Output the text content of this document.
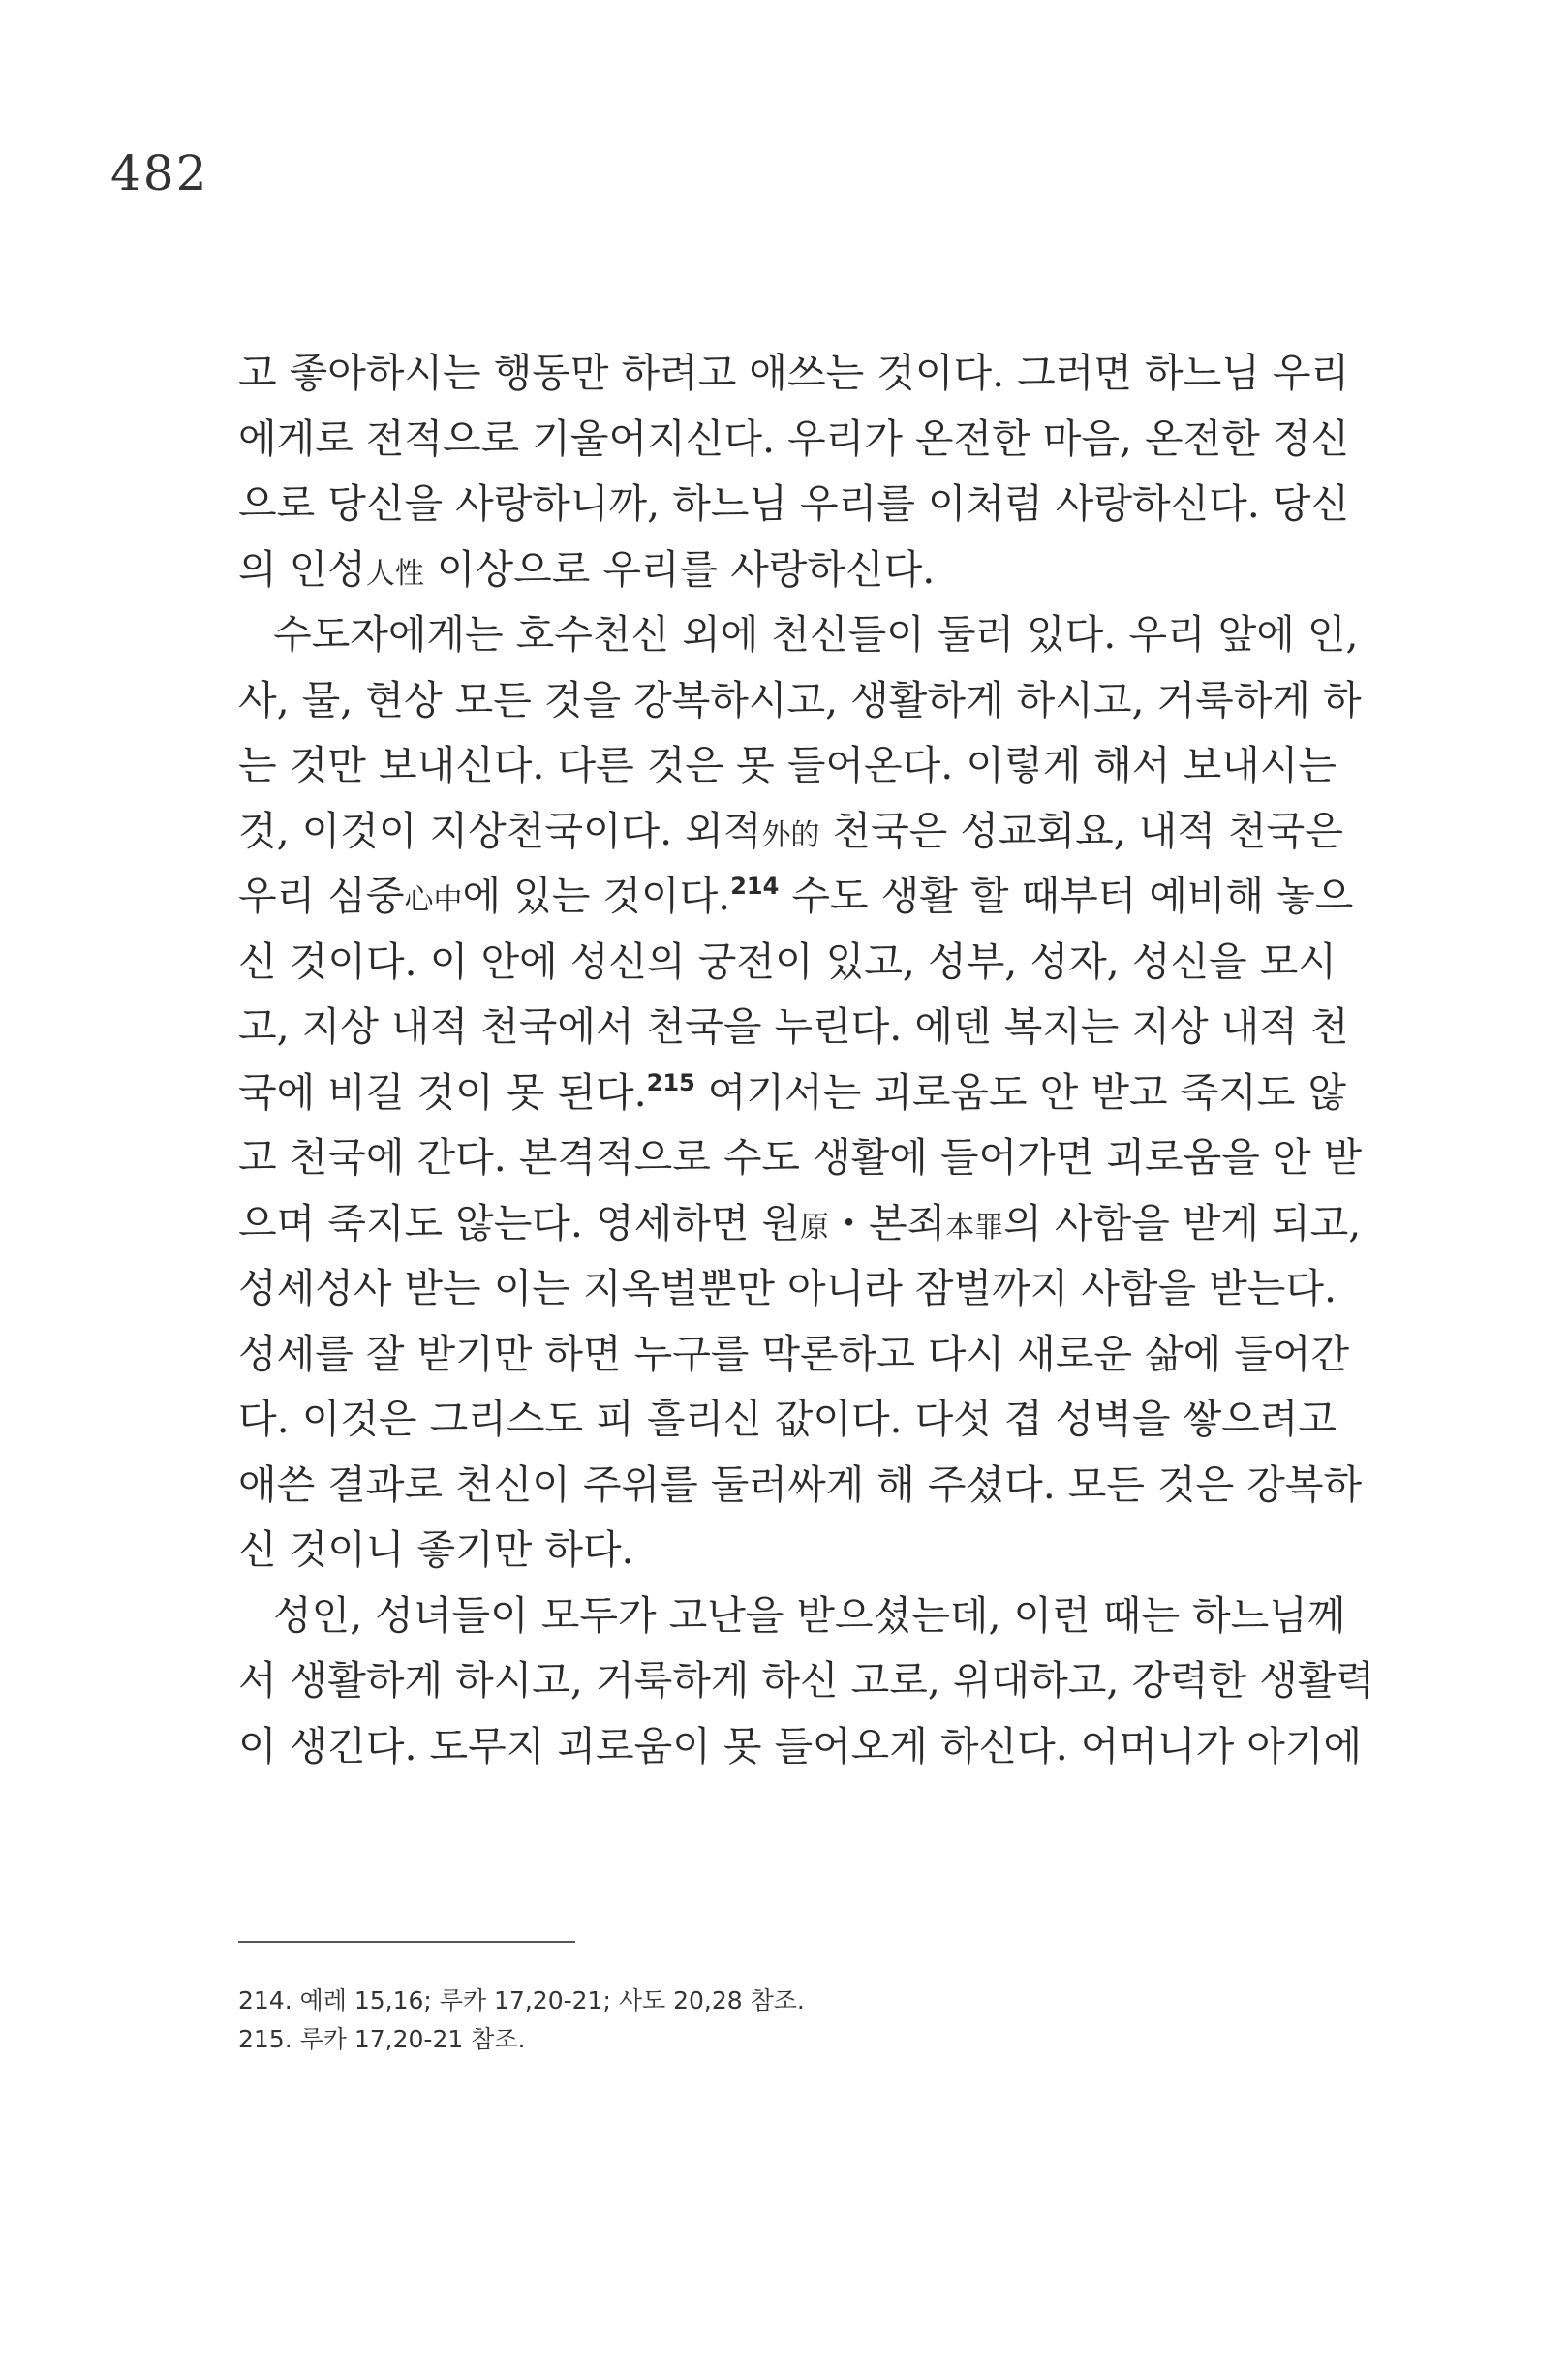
482
고 좋아하시는 행동만 하려고 애쓰는 것이다. 그러면 하느님 우리
에게로 전적으로 기울어지신다. 우리가 온전한 마음, 온전한 정신
으로 당신을 사랑하니까, 하느님 우리를 이처럼 사랑하신다. 당신
의 인성人性 이상으로 우리를 사랑하신다.
수도자에게는 호수천신 외에 천신들이 둘러 있다. 우리 앞에 인,
사, 물, 현상 모든 것을 강복하시고, 생활하게 하시고, 거룩하게 하
는 것만 보내신다. 다른 것은 못 들어온다. 이렇게 해서 보내시는
것, 이것이 지상천국이다. 외적外的 천국은 성교회요, 내적 천국은
우리 심중心中에 있는 것이다.$^{214}$ 수도 생활 할 때부터 예비해 놓으
신 것이다. 이 안에 성신의 궁전이 있고, 성부, 성자, 성신을 모시
고, 지상 내적 천국에서 천국을 누린다. 에덴 복지는 지상 내적 천
국에 비길 것이 못 된다.$^{215}$ 여기서는 괴로움도 안 받고 죽지도 않
고 천국에 간다. 본격적으로 수도 생활에 들어가면 괴로움을 안 받
으며 죽지도 않는다. 영세하면 원原・본죄本罪의 사함을 받게 되고,
성세성사 받는 이는 지옥벌뿐만 아니라 잠벌까지 사함을 받는다.
성세를 잘 받기만 하면 누구를 막론하고 다시 새로운 삶에 들어간
다. 이것은 그리스도 피 흘리신 값이다. 다섯 겹 성벽을 쌓으려고
애쓴 결과로 천신이 주위를 둘러싸게 해 주셨다. 모든 것은 강복하
신 것이니 좋기만 하다.
성인, 성녀들이 모두가 고난을 받으셨는데, 이런 때는 하느님께
서 생활하게 하시고, 거룩하게 하신 고로, 위대하고, 강력한 생활력
이 생긴다. 도무지 괴로움이 못 들어오게 하신다. 어머니가 아기에
214. 예레 15,16; 루카 17,20-21; 사도 20,28 참조.
215. 루카 17,20-21 참조.
